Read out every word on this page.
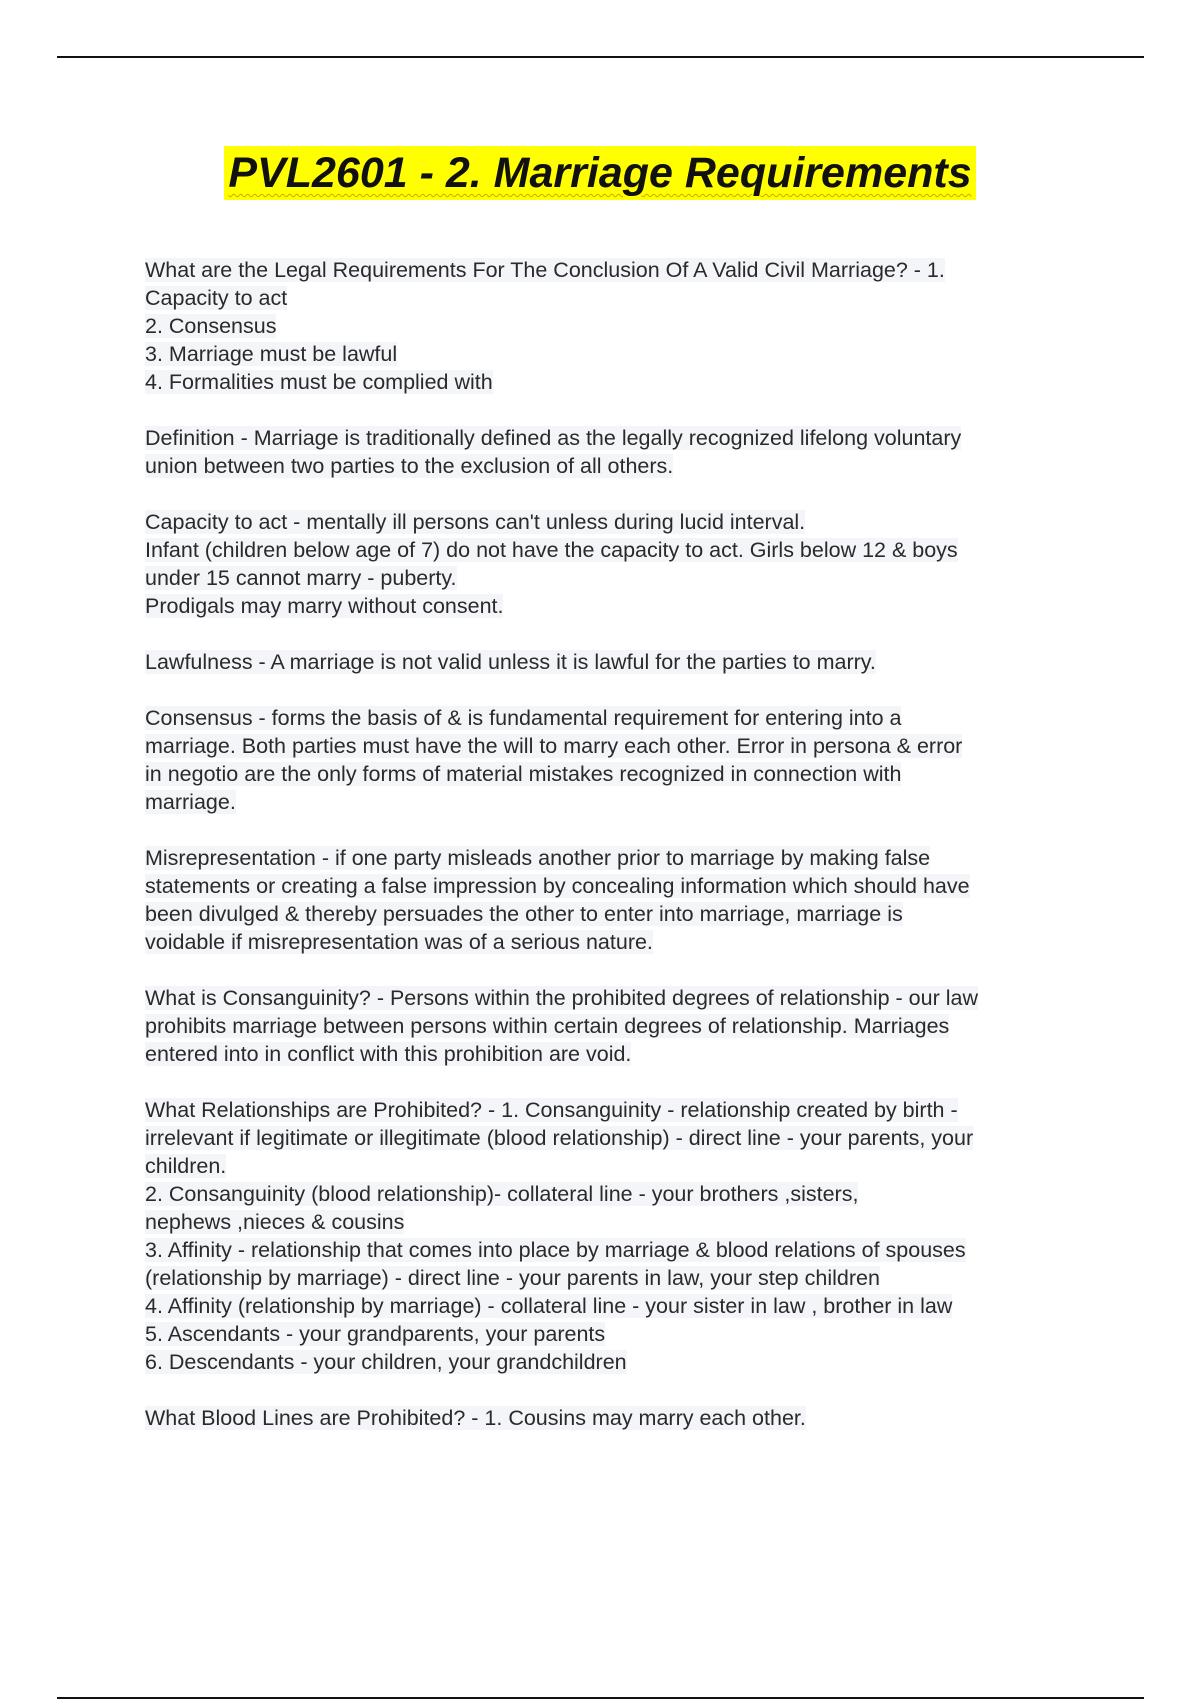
PVL2601 - 2. Marriage Requirements
What are the Legal Requirements For The Conclusion Of A Valid Civil Marriage? - 1.
Capacity to act
2. Consensus
3. Marriage must be lawful
4. Formalities must be complied with
Definition - Marriage is traditionally defined as the legally recognized lifelong voluntary
union between two parties to the exclusion of all others.
Capacity to act - mentally ill persons can't unless during lucid interval.
Infant (children below age of 7) do not have the capacity to act. Girls below 12 & boys
under 15 cannot marry - puberty.
Prodigals may marry without consent.
Lawfulness - A marriage is not valid unless it is lawful for the parties to marry.
Consensus - forms the basis of & is fundamental requirement for entering into a
marriage. Both parties must have the will to marry each other. Error in persona & error
in negotio are the only forms of material mistakes recognized in connection with
marriage.
Misrepresentation - if one party misleads another prior to marriage by making false
statements or creating a false impression by concealing information which should have
been divulged & thereby persuades the other to enter into marriage, marriage is
voidable if misrepresentation was of a serious nature.
What is Consanguinity? - Persons within the prohibited degrees of relationship - our law
prohibits marriage between persons within certain degrees of relationship. Marriages
entered into in conflict with this prohibition are void.
What Relationships are Prohibited? - 1. Consanguinity - relationship created by birth -
irrelevant if legitimate or illegitimate (blood relationship) - direct line - your parents, your
children.
2. Consanguinity (blood relationship)- collateral line - your brothers ,sisters,
nephews ,nieces & cousins
3. Affinity - relationship that comes into place by marriage & blood relations of spouses
(relationship by marriage) - direct line - your parents in law, your step children
4. Affinity (relationship by marriage) - collateral line - your sister in law , brother in law
5. Ascendants - your grandparents, your parents
6. Descendants - your children, your grandchildren
What Blood Lines are Prohibited? - 1. Cousins may marry each other.
